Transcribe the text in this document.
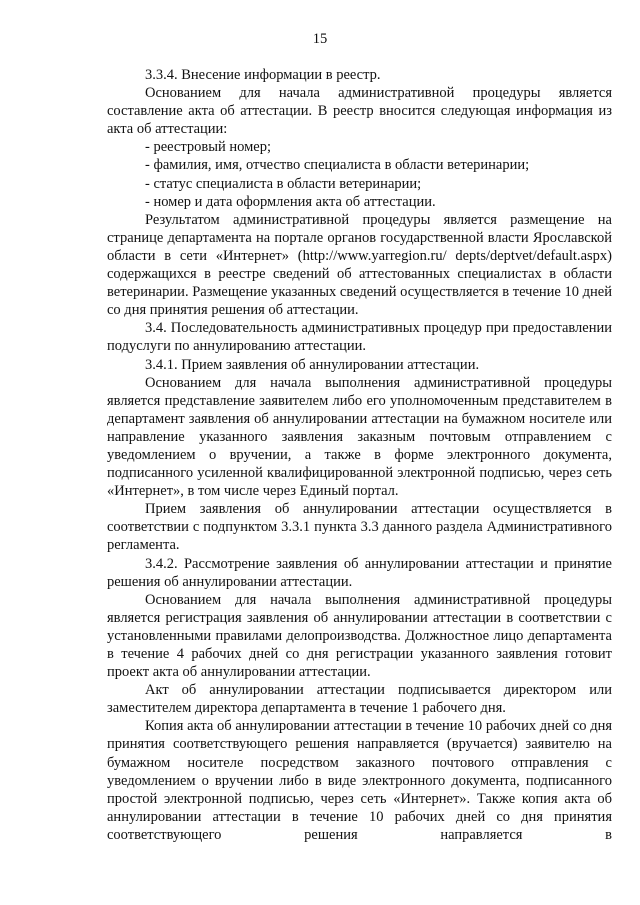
15

3.3.4. Внесение информации в реестр.

Основанием для начала административной процедуры является составление акта об аттестации. В реестр вносится следующая информация из акта об аттестации:

- реестровый номер;

- фамилия, имя, отчество специалиста в области ветеринарии;

- статус специалиста в области ветеринарии;

- номер и дата оформления акта об аттестации.

Результатом административной процедуры является размещение на странице департамента на портале органов государственной власти Ярославской области в сети «Интернет» (http://www.yarregion.ru/ depts/deptvet/default.aspx) содержащихся в реестре сведений об аттестованных специалистах в области ветеринарии. Размещение указанных сведений осуществляется в течение 10 дней со дня принятия решения об аттестации.

3.4. Последовательность административных процедур при предоставлении подуслуги по аннулированию аттестации.

3.4.1. Прием заявления об аннулировании аттестации.

Основанием для начала выполнения административной процедуры является представление заявителем либо его уполномоченным представителем в департамент заявления об аннулировании аттестации на бумажном носителе или направление указанного заявления заказным почтовым отправлением с уведомлением о вручении, а также в форме электронного документа, подписанного усиленной квалифицированной электронной подписью, через сеть «Интернет», в том числе через Единый портал.

Прием заявления об аннулировании аттестации осуществляется в соответствии с подпунктом 3.3.1 пункта 3.3 данного раздела Административного регламента.

3.4.2. Рассмотрение заявления об аннулировании аттестации и принятие решения об аннулировании аттестации.

Основанием для начала выполнения административной процедуры является регистрация заявления об аннулировании аттестации в соответствии с установленными правилами делопроизводства. Должностное лицо департамента в течение 4 рабочих дней со дня регистрации указанного заявления готовит проект акта об аннулировании аттестации.

Акт об аннулировании аттестации подписывается директором или заместителем директора департамента в течение 1 рабочего дня.

Копия акта об аннулировании аттестации в течение 10 рабочих дней со дня принятия соответствующего решения направляется (вручается) заявителю на бумажном носителе посредством заказного почтового отправления с уведомлением о вручении либо в виде электронного документа, подписанного простой электронной подписью, через сеть «Интернет». Также копия акта об аннулировании аттестации в течение 10 рабочих дней со дня принятия соответствующего решения направляется в
